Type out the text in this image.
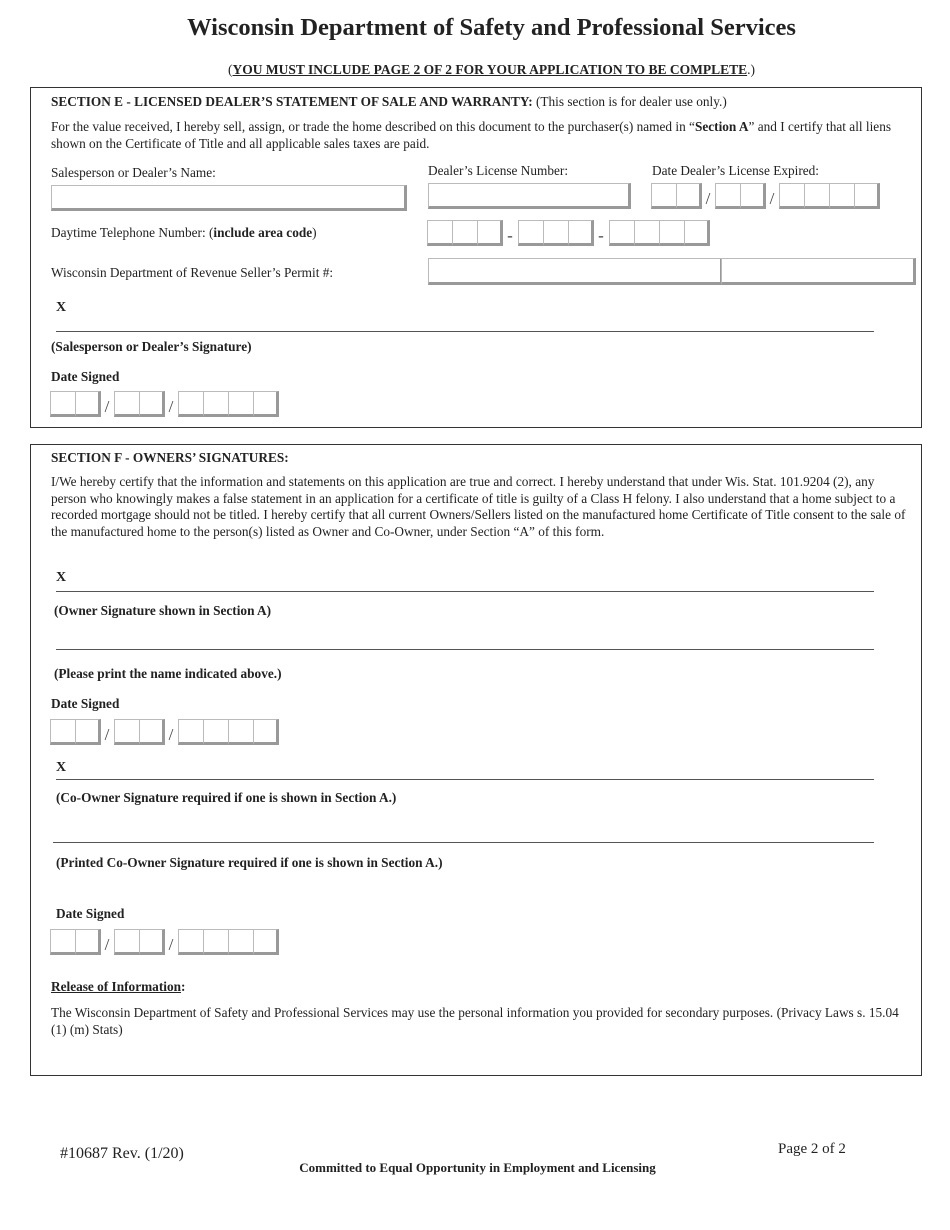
Wisconsin Department of Safety and Professional Services
(YOU MUST INCLUDE PAGE 2 OF 2 FOR YOUR APPLICATION TO BE COMPLETE.)
SECTION E - LICENSED DEALER’S STATEMENT OF SALE AND WARRANTY: (This section is for dealer use only.)
For the value received, I hereby sell, assign, or trade the home described on this document to the purchaser(s) named in “Section A” and I certify that all liens shown on the Certificate of Title and all applicable sales taxes are paid.
Salesperson or Dealer’s Name:	Dealer’s License Number:	Date Dealer’s License Expired:
/	/
Daytime Telephone Number: (include area code)	-	-
Wisconsin Department of Revenue Seller’s Permit #:
X
(Salesperson or Dealer’s Signature)
Date Signed
/	/
SECTION F - OWNERS’ SIGNATURES:
I/We hereby certify that the information and statements on this application are true and correct. I hereby understand that under Wis. Stat. 101.9204 (2), any person who knowingly makes a false statement in an application for a certificate of title is guilty of a Class H felony. I also understand that a home subject to a recorded mortgage should not be titled. I hereby certify that all current Owners/Sellers listed on the manufactured home Certificate of Title consent to the sale of the manufactured home to the person(s) listed as Owner and Co-Owner, under Section “A” of this form.
X
(Owner Signature shown in Section A)
(Please print the name indicated above.)
Date Signed
/	/
X
(Co-Owner Signature required if one is shown in Section A.)
(Printed Co-Owner Signature required if one is shown in Section A.)
Date Signed
/	/
Release of Information:
The Wisconsin Department of Safety and Professional Services may use the personal information you provided for secondary purposes. (Privacy Laws s. 15.04 (1) (m) Stats)
#10687 Rev. (1/20)	Page 2 of 2
Committed to Equal Opportunity in Employment and Licensing
